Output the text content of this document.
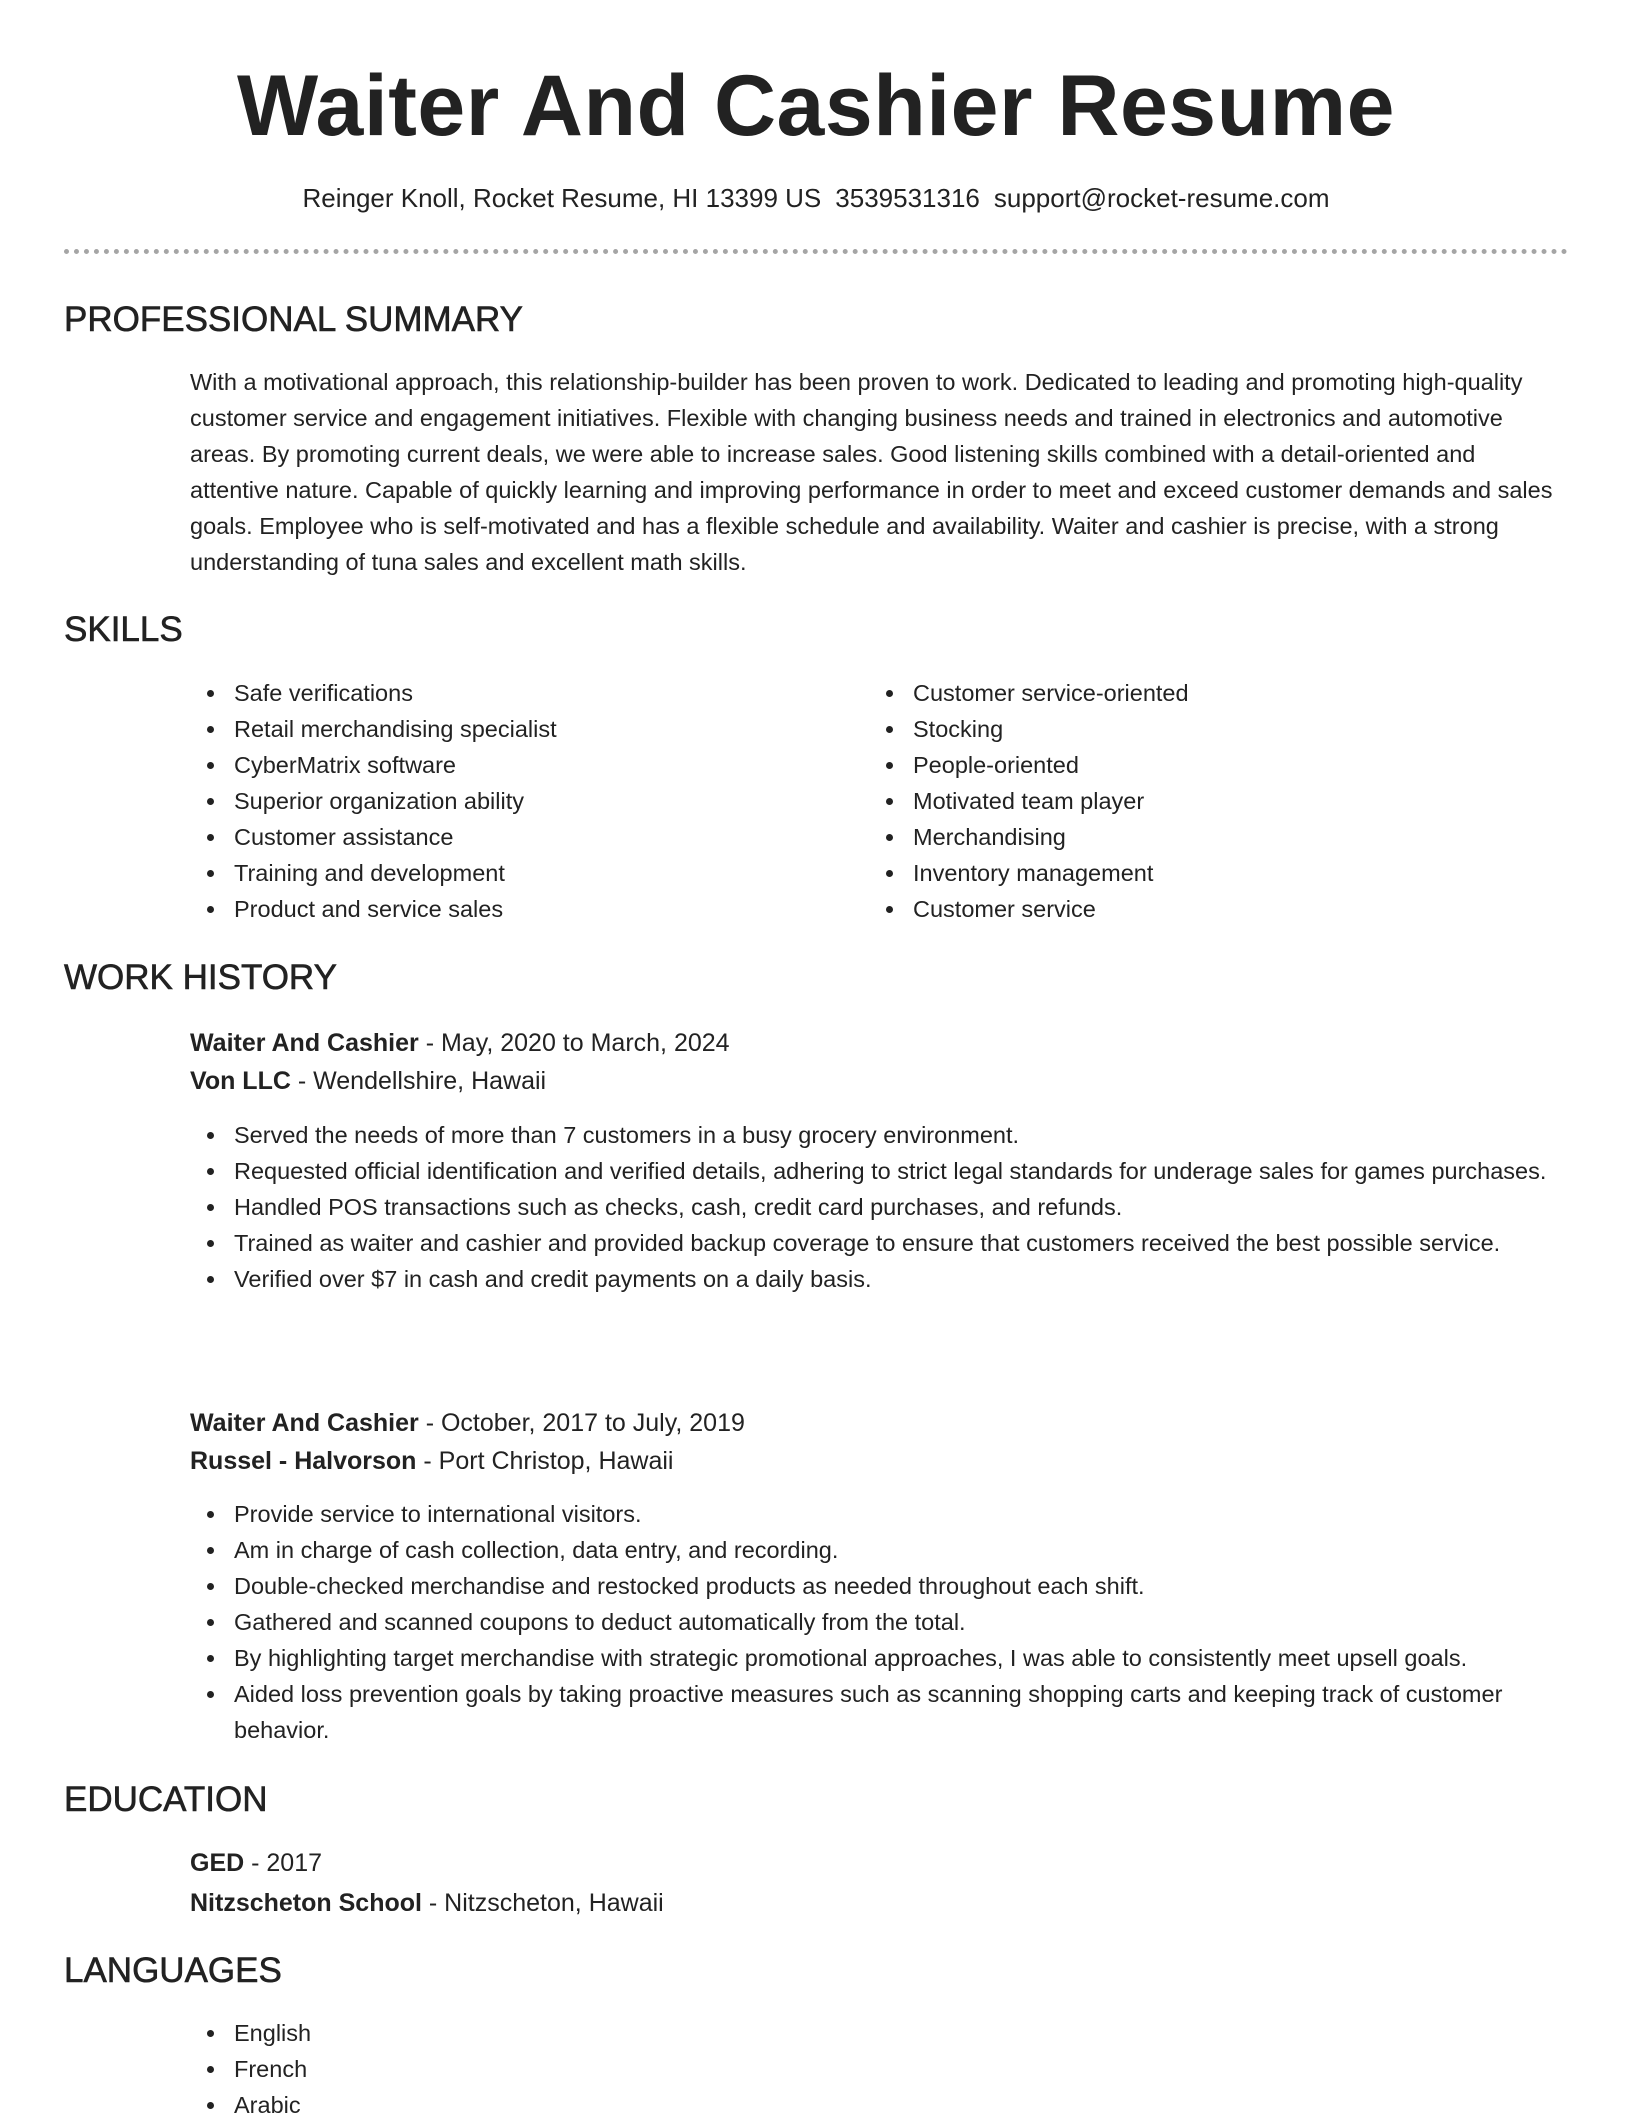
Waiter And Cashier Resume
Reinger Knoll, Rocket Resume, HI 13399 US 3539531316 support@rocket-resume.com
PROFESSIONAL SUMMARY

With a motivational approach, this relationship-builder has been proven to work. Dedicated to leading and promoting high-quality customer service and engagement initiatives. Flexible with changing business needs and trained in electronics and automotive areas. By promoting current deals, we were able to increase sales. Good listening skills combined with a detail-oriented and attentive nature. Capable of quickly learning and improving performance in order to meet and exceed customer demands and sales goals. Employee who is self-motivated and has a flexible schedule and availability. Waiter and cashier is precise, with a strong understanding of tuna sales and excellent math skills.

SKILLS
Safe verifications
Retail merchandising specialist
CyberMatrix software
Superior organization ability
Customer assistance
Training and development
Product and service sales
Customer service-oriented
Stocking
People-oriented
Motivated team player
Merchandising
Inventory management
Customer service
WORK HISTORY
Waiter And Cashier - May, 2020 to March, 2024
Von LLC - Wendellshire, Hawaii
Served the needs of more than 7 customers in a busy grocery environment.
Requested official identification and verified details, adhering to strict legal standards for underage sales for games purchases.
Handled POS transactions such as checks, cash, credit card purchases, and refunds.
Trained as waiter and cashier and provided backup coverage to ensure that customers received the best possible service.
Verified over $7 in cash and credit payments on a daily basis.
Waiter And Cashier - October, 2017 to July, 2019
Russel - Halvorson - Port Christop, Hawaii
Provide service to international visitors.
Am in charge of cash collection, data entry, and recording.
Double-checked merchandise and restocked products as needed throughout each shift.
Gathered and scanned coupons to deduct automatically from the total.
By highlighting target merchandise with strategic promotional approaches, I was able to consistently meet upsell goals.
Aided loss prevention goals by taking proactive measures such as scanning shopping carts and keeping track of customer behavior.
EDUCATION
GED - 2017
Nitzscheton School - Nitzscheton, Hawaii
LANGUAGES
English
French
Arabic
